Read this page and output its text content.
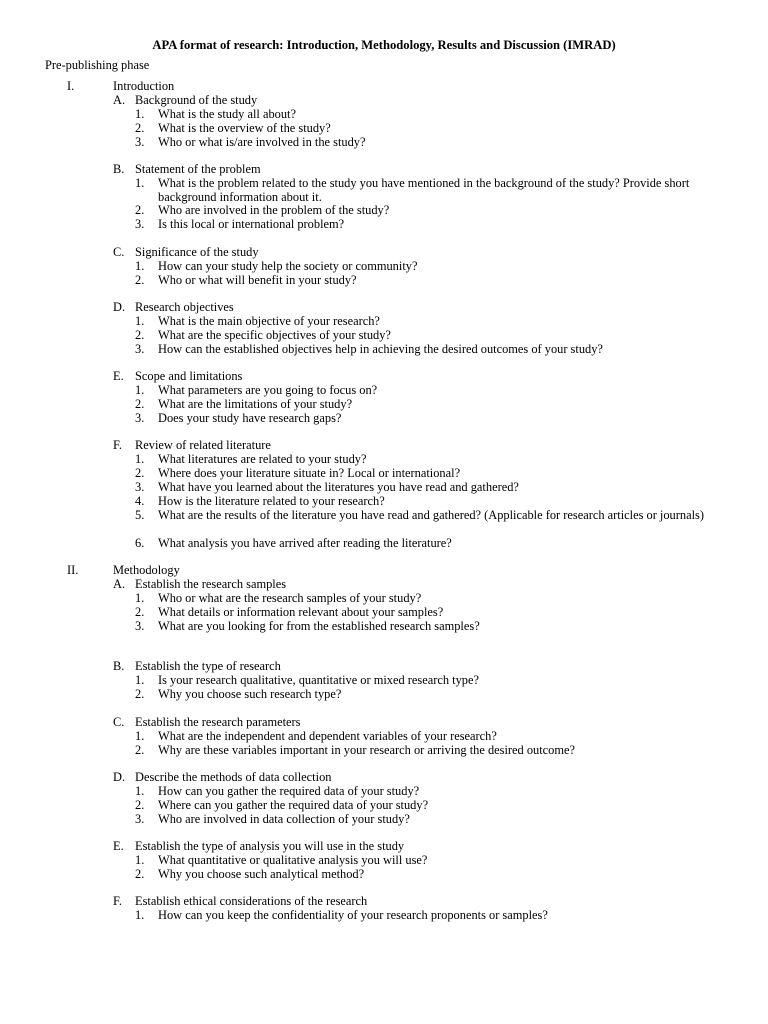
APA format of research: Introduction, Methodology, Results and Discussion (IMRAD)
Pre-publishing phase
I.	Introduction
A. Background of the study
1. What is the study all about?
2. What is the overview of the study?
3. Who or what is/are involved in the study?
B. Statement of the problem
1. What is the problem related to the study you have mentioned in the background of the study? Provide short background information about it.
2. Who are involved in the problem of the study?
3. Is this local or international problem?
C. Significance of the study
1. How can your study help the society or community?
2. Who or what will benefit in your study?
D. Research objectives
1. What is the main objective of your research?
2. What are the specific objectives of your study?
3. How can the established objectives help in achieving the desired outcomes of your study?
E. Scope and limitations
1. What parameters are you going to focus on?
2. What are the limitations of your study?
3. Does your study have research gaps?
F. Review of related literature
1. What literatures are related to your study?
2. Where does your literature situate in? Local or international?
3. What have you learned about the literatures you have read and gathered?
4. How is the literature related to your research?
5. What are the results of the literature you have read and gathered? (Applicable for research articles or journals)
6. What analysis you have arrived after reading the literature?
II.	Methodology
A. Establish the research samples
1. Who or what are the research samples of your study?
2. What details or information relevant about your samples?
3. What are you looking for from the established research samples?
B. Establish the type of research
1. Is your research qualitative, quantitative or mixed research type?
2. Why you choose such research type?
C. Establish the research parameters
1. What are the independent and dependent variables of your research?
2. Why are these variables important in your research or arriving the desired outcome?
D. Describe the methods of data collection
1. How can you gather the required data of your study?
2. Where can you gather the required data of your study?
3. Who are involved in data collection of your study?
E. Establish the type of analysis you will use in the study
1. What quantitative or qualitative analysis you will use?
2. Why you choose such analytical method?
F. Establish ethical considerations of the research
1. How can you keep the confidentiality of your research proponents or samples?
